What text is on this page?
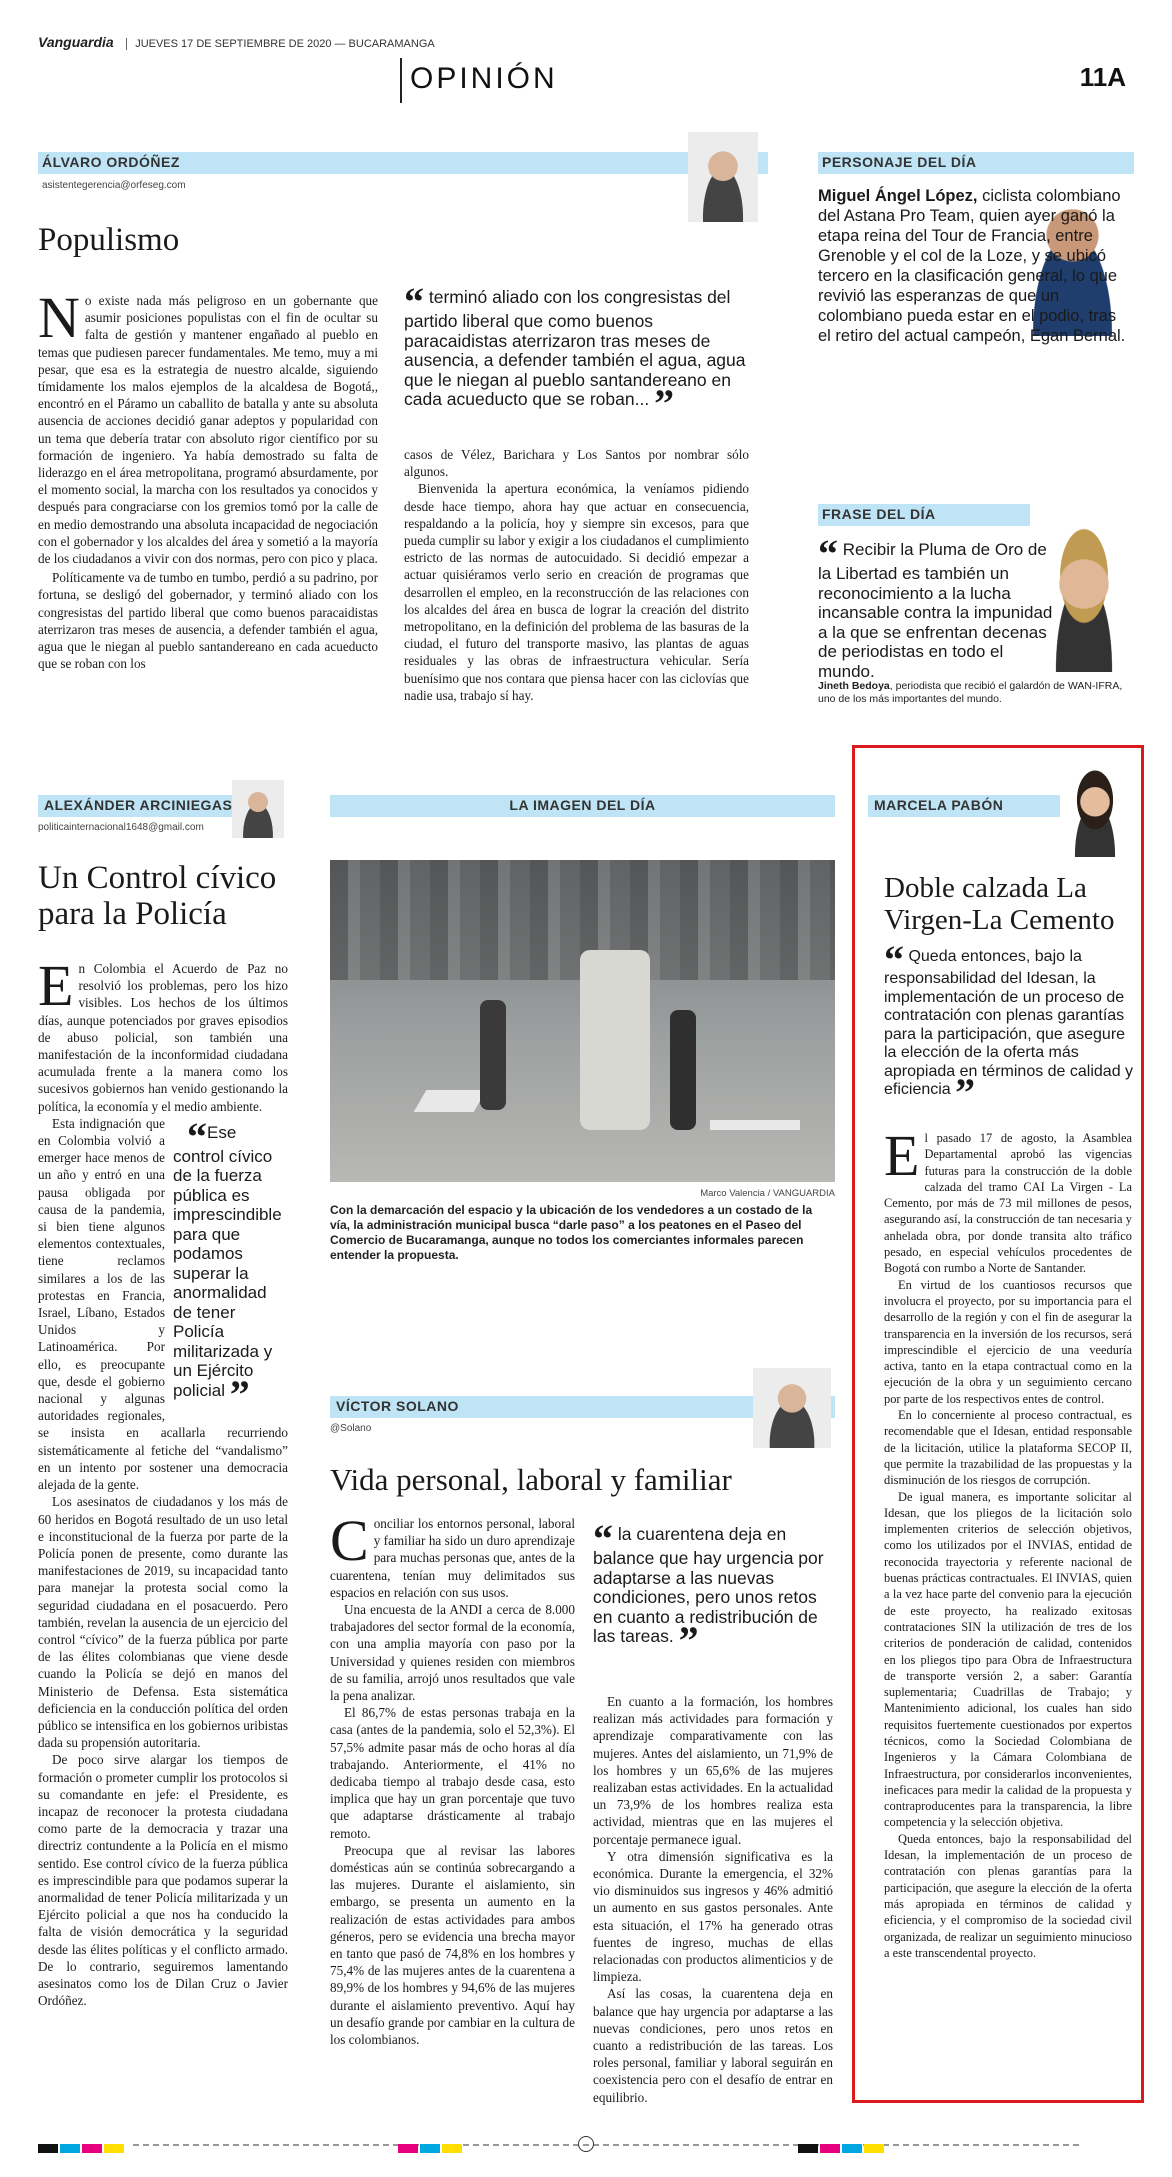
Vanguardia JUEVES 17 DE SEPTIEMBRE DE 2020 — BUCARAMANGA
OPINIÓN	11A
ÁLVARO ORDÓÑEZ
asistentegerencia@orfeseg.com
Populismo

No existe nada más peligroso en un gobernante que asumir posiciones populistas con el fin de ocultar su falta de gestión y mantener engañado al pueblo en temas que pudiesen parecer fundamentales. Me temo, muy a mi pesar, que esa es la estrategia de nuestro alcalde, siguiendo tímidamente los malos ejemplos de la alcaldesa de Bogotá,, encontró en el Páramo un caballito de batalla y ante su absoluta ausencia de acciones decidió ganar adeptos y popularidad con un tema que debería tratar con absoluto rigor científico por su formación de ingeniero. Ya había demostrado su falta de liderazgo en el área metropolitana, programó absurdamente, por el momento social, la marcha con los resultados ya conocidos y después para congraciarse con los gremios tomó por la calle de en medio demostrando una absoluta incapacidad de negociación con el gobernador y los alcaldes del área y sometió a la mayoría de los ciudadanos a vivir con dos normas, pero con pico y placa.

Políticamente va de tumbo en tumbo, perdió a su padrino, por fortuna, se desligó del gobernador, y terminó aliado con los congresistas del partido liberal que como buenos paracaidistas aterrizaron tras meses de ausencia, a defender también el agua, agua que le niegan al pueblo santandereano en cada acueducto que se roban con los

“ terminó aliado con los congresistas del partido liberal que como buenos paracaidistas aterrizaron tras meses de ausencia, a defender también el agua, agua que le niegan al pueblo santandereano en cada acueducto que se roban... ”

casos de Vélez, Barichara y Los Santos por nombrar sólo algunos.

Bienvenida la apertura económica, la veníamos pidiendo desde hace tiempo, ahora hay que actuar en consecuencia, respaldando a la policía, hoy y siempre sin excesos, para que pueda cumplir su labor y exigir a los ciudadanos el cumplimiento estricto de las normas de autocuidado. Si decidió empezar a actuar quisiéramos verlo serio en creación de programas que desarrollen el empleo, en la reconstrucción de las relaciones con los alcaldes del área en busca de lograr la creación del distrito metropolitano, en la definición del problema de las basuras de la ciudad, el futuro del transporte masivo, las plantas de aguas residuales y las obras de infraestructura vehicular. Sería buenísimo que nos contara que piensa hacer con las ciclovías que nadie usa, trabajo sí hay.

PERSONAJE DEL DÍA
Miguel Ángel López, ciclista colombiano del Astana Pro Team, quien ayer ganó la etapa reina del Tour de Francia, entre Grenoble y el col de la Loze, y se ubicó tercero en la clasificación general, lo que revivió las esperanzas de que un colombiano pueda estar en el podio, tras el retiro del actual campeón, Egan Bernal.
FRASE DEL DÍA
“ Recibir la Pluma de Oro de la Libertad es también un reconocimiento a la lucha incansable contra la impunidad a la que se enfrentan decenas de periodistas en todo el mundo.
Jineth Bedoya, periodista que recibió el galardón de WAN-IFRA, uno de los más importantes del mundo.
ALEXÁNDER ARCINIEGAS
politicainternacional1648@gmail.com
Un Control cívico para la Policía

En Colombia el Acuerdo de Paz no resolvió los problemas, pero los hizo visibles. Los hechos de los últimos días, aunque potenciados por graves episodios de abuso policial, son también una manifestación de la inconformidad ciudadana acumulada frente a la manera como los sucesivos gobiernos han venido gestionando la política, la economía y el medio ambiente.

“Ese control cívico de la fuerza pública es imprescindible para que podamos superar la anormalidad de tener Policía militarizada y un Ejército policial ”
Esta indignación que en Colombia volvió a emerger hace menos de un año y entró en una pausa obligada por causa de la pandemia, si bien tiene algunos elementos contextuales, tiene reclamos similares a los de las protestas en Francia, Israel, Líbano, Estados Unidos y Latinoamérica. Por ello, es preocupante que, desde el gobierno nacional y algunas autoridades regionales, se insista en acallarla recurriendo sistemáticamente al fetiche del “vandalismo” en un intento por sostener una democracia alejada de la gente.

Los asesinatos de ciudadanos y los más de 60 heridos en Bogotá resultado de un uso letal e inconstitucional de la fuerza por parte de la Policía ponen de presente, como durante las manifestaciones de 2019, su incapacidad tanto para manejar la protesta social como la seguridad ciudadana en el posacuerdo. Pero también, revelan la ausencia de un ejercicio del control “cívico” de la fuerza pública por parte de las élites colombianas que viene desde cuando la Policía se dejó en manos del Ministerio de Defensa. Esta sistemática deficiencia en la conducción política del orden público se intensifica en los gobiernos uribistas dada su propensión autoritaria.

De poco sirve alargar los tiempos de formación o prometer cumplir los protocolos si su comandante en jefe: el Presidente, es incapaz de reconocer la protesta ciudadana como parte de la democracia y trazar una directriz contundente a la Policía en el mismo sentido. Ese control cívico de la fuerza pública es imprescindible para que podamos superar la anormalidad de tener Policía militarizada y un Ejército policial a que nos ha conducido la falta de visión democrática y la seguridad desde las élites políticas y el conflicto armado. De lo contrario, seguiremos lamentando asesinatos como los de Dilan Cruz o Javier Ordóñez.

LA IMAGEN DEL DÍA
Marco Valencia / VANGUARDIA
Con la demarcación del espacio y la ubicación de los vendedores a un costado de la vía, la administración municipal busca “darle paso” a los peatones en el Paseo del Comercio de Bucaramanga, aunque no todos los comerciantes informales parecen entender la propuesta.
VÍCTOR SOLANO
@Solano
Vida personal, laboral y familiar

Conciliar los entornos personal, laboral y familiar ha sido un duro aprendizaje para muchas personas que, antes de la cuarentena, tenían muy delimitados sus espacios en relación con sus usos.

Una encuesta de la ANDI a cerca de 8.000 trabajadores del sector formal de la economía, con una amplia mayoría con paso por la Universidad y quienes residen con miembros de su familia, arrojó unos resultados que vale la pena analizar.

El 86,7% de estas personas trabaja en la casa (antes de la pandemia, solo el 52,3%). El 57,5% admite pasar más de ocho horas al día trabajando. Anteriormente, el 41% no dedicaba tiempo al trabajo desde casa, esto implica que hay un gran porcentaje que tuvo que adaptarse drásticamente al trabajo remoto.

Preocupa que al revisar las labores domésticas aún se continúa sobrecargando a las mujeres. Durante el aislamiento, sin embargo, se presenta un aumento en la realización de estas actividades para ambos géneros, pero se evidencia una brecha mayor en tanto que pasó de 74,8% en los hombres y 75,4% de las mujeres antes de la cuarentena a 89,9% de los hombres y 94,6% de las mujeres durante el aislamiento preventivo. Aquí hay un desafío grande por cambiar en la cultura de los colombianos.

“ la cuarentena deja en balance que hay urgencia por adaptarse a las nuevas condiciones, pero unos retos en cuanto a redistribución de las tareas. ”

En cuanto a la formación, los hombres realizan más actividades para formación y aprendizaje comparativamente con las mujeres. Antes del aislamiento, un 71,9% de los hombres y un 65,6% de las mujeres realizaban estas actividades. En la actualidad un 73,9% de los hombres realiza esta actividad, mientras que en las mujeres el porcentaje permanece igual.

Y otra dimensión significativa es la económica. Durante la emergencia, el 32% vio disminuidos sus ingresos y 46% admitió un aumento en sus gastos personales. Ante esta situación, el 17% ha generado otras fuentes de ingreso, muchas de ellas relacionadas con productos alimenticios y de limpieza.

Así las cosas, la cuarentena deja en balance que hay urgencia por adaptarse a las nuevas condiciones, pero unos retos en cuanto a redistribución de las tareas. Los roles personal, familiar y laboral seguirán en coexistencia pero con el desafío de entrar en equilibrio.

MARCELA PABÓN
Doble calzada La Virgen-La Cemento
“ Queda entonces, bajo la responsabilidad del Idesan, la implementación de un proceso de contratación con plenas garantías para la participación, que asegure la elección de la oferta más apropiada en términos de calidad y eficiencia ”

El pasado 17 de agosto, la Asamblea Departamental aprobó las vigencias futuras para la construcción de la doble calzada del tramo CAI La Virgen - La Cemento, por más de 73 mil millones de pesos, asegurando así, la construcción de tan necesaria y anhelada obra, por donde transita alto tráfico pesado, en especial vehículos procedentes de Bogotá con rumbo a Norte de Santander.

En virtud de los cuantiosos recursos que involucra el proyecto, por su importancia para el desarrollo de la región y con el fin de asegurar la transparencia en la inversión de los recursos, será imprescindible el ejercicio de una veeduría activa, tanto en la etapa contractual como en la ejecución de la obra y un seguimiento cercano por parte de los respectivos entes de control.

En lo concerniente al proceso contractual, es recomendable que el Idesan, entidad responsable de la licitación, utilice la plataforma SECOP II, que permite la trazabilidad de las propuestas y la disminución de los riesgos de corrupción.

De igual manera, es importante solicitar al Idesan, que los pliegos de la licitación solo implementen criterios de selección objetivos, como los utilizados por el INVIAS, entidad de reconocida trayectoria y referente nacional de buenas prácticas contractuales. El INVIAS, quien a la vez hace parte del convenio para la ejecución de este proyecto, ha realizado exitosas contrataciones SIN la utilización de tres de los criterios de ponderación de calidad, contenidos en los pliegos tipo para Obra de Infraestructura de transporte versión 2, a saber: Garantía suplementaria; Cuadrillas de Trabajo; y Mantenimiento adicional, los cuales han sido requisitos fuertemente cuestionados por expertos técnicos, como la Sociedad Colombiana de Ingenieros y la Cámara Colombiana de Infraestructura, por considerarlos inconvenientes, ineficaces para medir la calidad de la propuesta y contraproducentes para la transparencia, la libre competencia y la selección objetiva.

Queda entonces, bajo la responsabilidad del Idesan, la implementación de un proceso de contratación con plenas garantías para la participación, que asegure la elección de la oferta más apropiada en términos de calidad y eficiencia, y el compromiso de la sociedad civil organizada, de realizar un seguimiento minucioso a este transcendental proyecto.
